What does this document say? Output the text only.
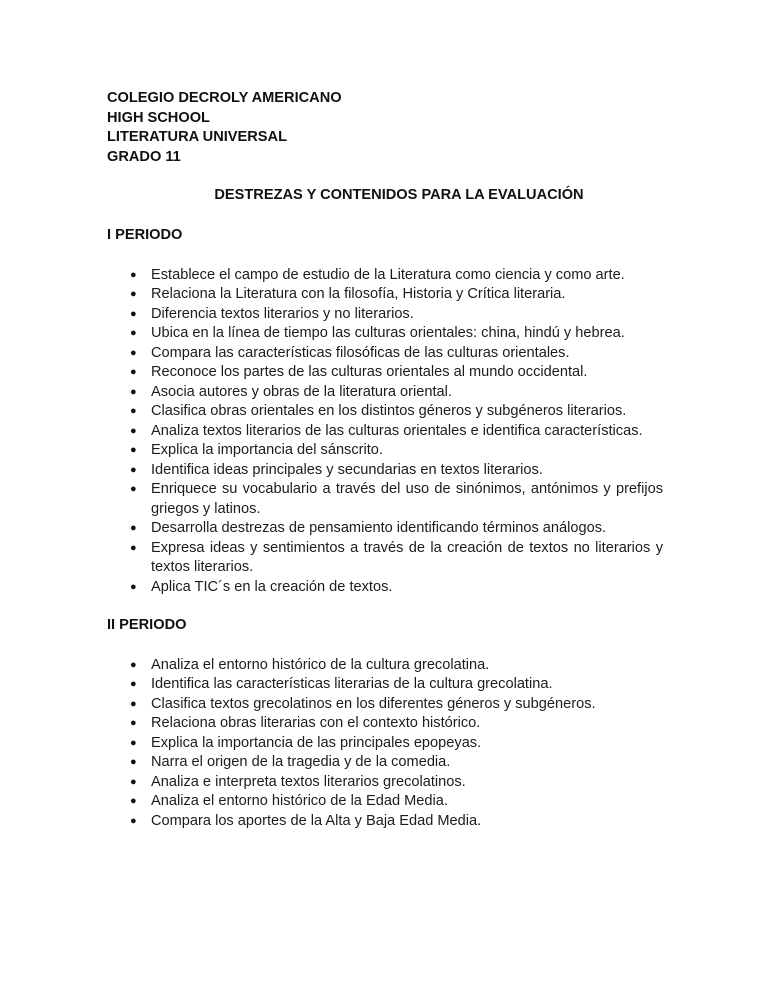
COLEGIO DECROLY AMERICANO

HIGH SCHOOL

LITERATURA UNIVERSAL

GRADO 11

DESTREZAS Y CONTENIDOS PARA LA EVALUACIÓN

I PERIODO

● Establece el campo de estudio de la Literatura como ciencia y como arte.
● Relaciona la Literatura con la filosofía, Historia y Crítica literaria.
● Diferencia textos literarios y no literarios.
● Ubica en la línea de tiempo las culturas orientales: china, hindú y hebrea.
● Compara las características filosóficas de las culturas orientales.
● Reconoce los partes de las culturas orientales al mundo occidental.
● Asocia autores y obras de la literatura oriental.
● Clasifica obras orientales en los distintos géneros y subgéneros literarios.
● Analiza textos literarios de las culturas orientales e identifica características.
● Explica la importancia del sánscrito.
● Identifica ideas principales y secundarias en textos literarios.
● Enriquece su vocabulario a través del uso de sinónimos, antónimos y prefijos griegos y latinos.
● Desarrolla destrezas de pensamiento identificando términos análogos.
● Expresa ideas y sentimientos a través de la creación de textos no literarios y textos literarios.
● Aplica TIC´s en la creación de textos.

II PERIODO

● Analiza el entorno histórico de la cultura grecolatina.
● Identifica las características literarias de la cultura grecolatina.
● Clasifica textos grecolatinos en los diferentes géneros y subgéneros.
● Relaciona obras literarias con el contexto histórico.
● Explica la importancia de las principales epopeyas.
● Narra el origen de la tragedia y de la comedia.
● Analiza e interpreta textos literarios grecolatinos.
● Analiza el entorno histórico de la Edad Media.
● Compara los aportes de la Alta y Baja Edad Media.
